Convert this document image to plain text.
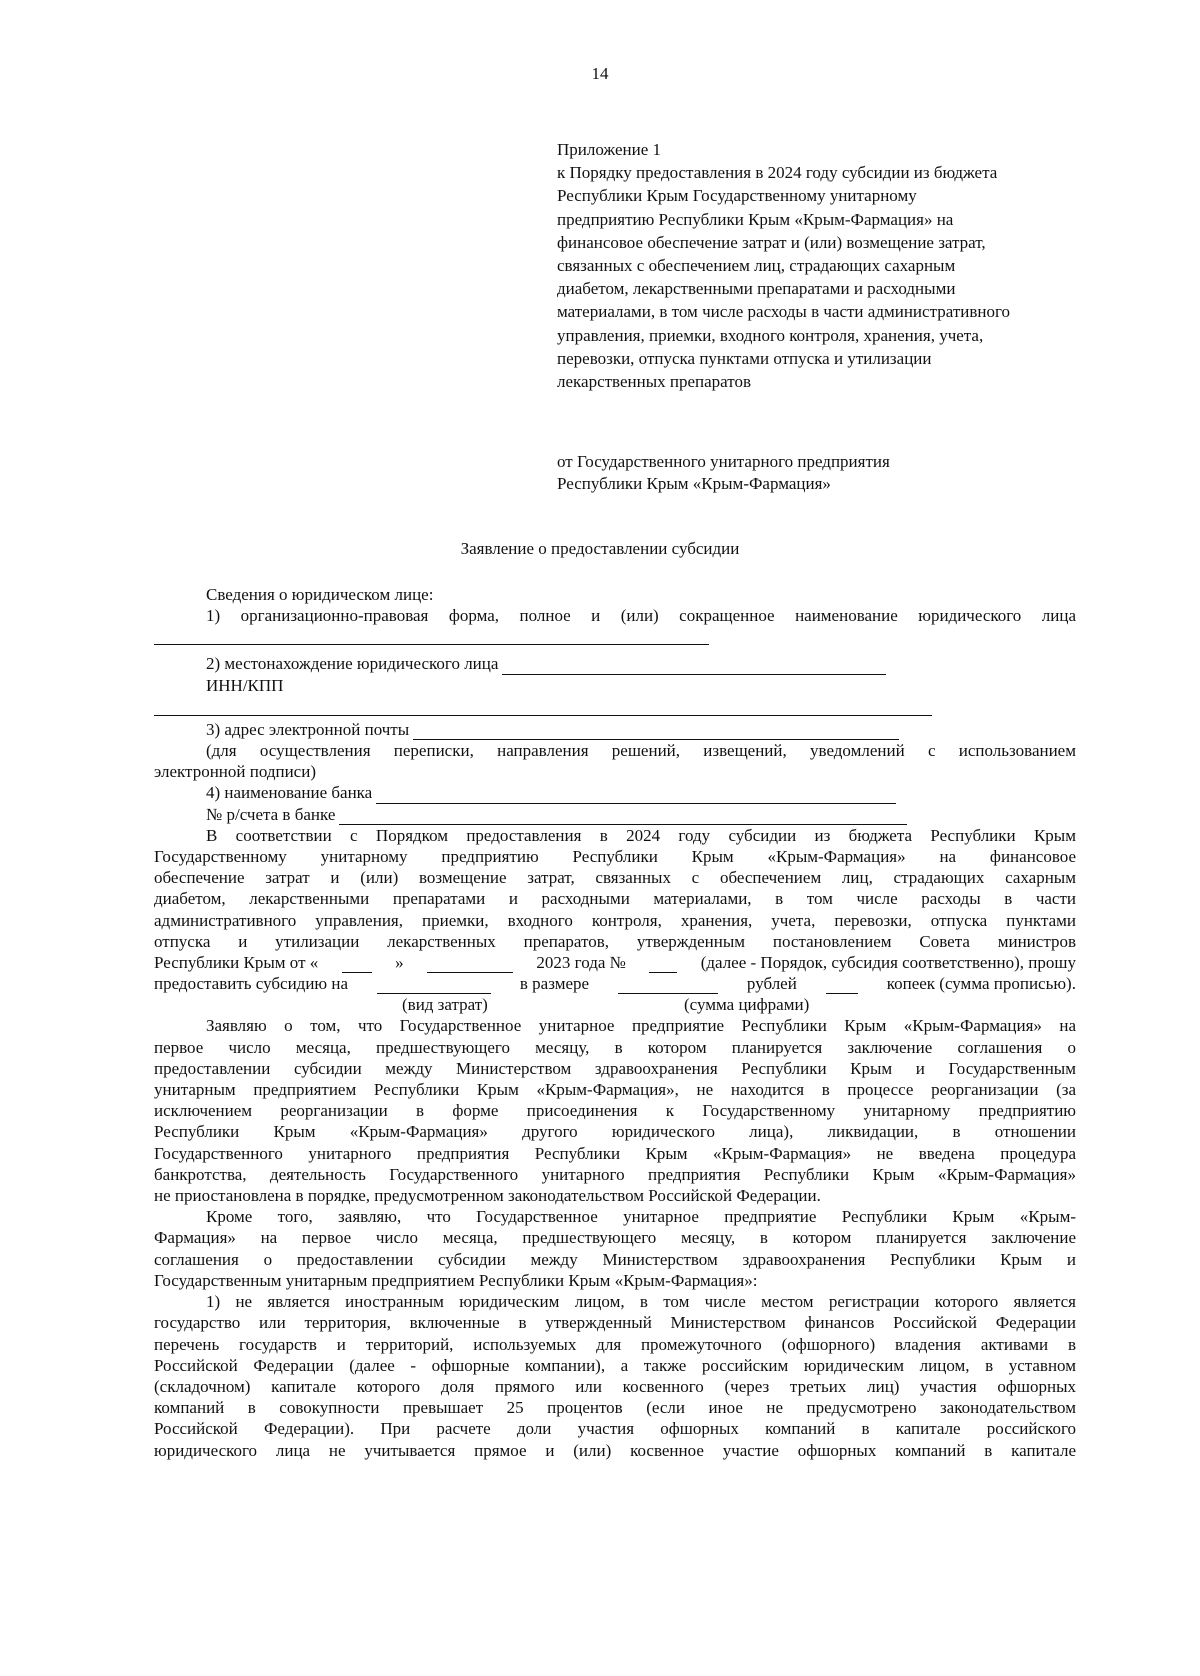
14
Приложение 1
к Порядку предоставления в 2024 году субсидии из бюджета
Республики Крым Государственному унитарному
предприятию Республики Крым «Крым-Фармация» на
финансовое обеспечение затрат и (или) возмещение затрат,
связанных с обеспечением лиц, страдающих сахарным
диабетом, лекарственными препаратами и расходными
материалами, в том числе расходы в части административного
управления, приемки, входного контроля, хранения, учета,
перевозки, отпуска пунктами отпуска и утилизации
лекарственных препаратов
от Государственного унитарного предприятия
Республики Крым «Крым-Фармация»
Заявление о предоставлении субсидии
Сведения о юридическом лице:

1) организационно-правовая форма, полное и (или) сокращенное наименование юридического лица

2) местонахождение юридического лица
ИНН/КПП
3) адрес электронной почты

(для осуществления переписки, направления решений, извещений, уведомлений с использованием

электронной подписи)
4) наименование банка
№ р/счета в банке

В соответствии с Порядком предоставления в 2024 году субсидии из бюджета Республики Крым

Государственному унитарному предприятию Республики Крым «Крым-Фармация» на финансовое

обеспечение затрат и (или) возмещение затрат, связанных с обеспечением лиц, страдающих сахарным

диабетом, лекарственными препаратами и расходными материалами, в том числе расходы в части

административного управления, приемки, входного контроля, хранения, учета, перевозки, отпуска пунктами

отпуска и утилизации лекарственных препаратов, утвержденным постановлением Совета министров

Республики Крым от «	»	2023 года №	(далее - Порядок, субсидия соответственно), прошу
предоставить субсидию на	в размере	рублей	копеек (сумма прописью).
(вид затрат)	(сумма цифрами)

Заявляю о том, что Государственное унитарное предприятие Республики Крым «Крым-Фармация» на

первое число месяца, предшествующего месяцу, в котором планируется заключение соглашения о

предоставлении субсидии между Министерством здравоохранения Республики Крым и Государственным

унитарным предприятием Республики Крым «Крым-Фармация», не находится в процессе реорганизации (за

исключением реорганизации в форме присоединения к Государственному унитарному предприятию

Республики Крым «Крым-Фармация» другого юридического лица), ликвидации, в отношении

Государственного унитарного предприятия Республики Крым «Крым-Фармация» не введена процедура

банкротства, деятельность Государственного унитарного предприятия Республики Крым «Крым-Фармация»

не приостановлена в порядке, предусмотренном законодательством Российской Федерации.

Кроме того, заявляю, что Государственное унитарное предприятие Республики Крым «Крым-

Фармация» на первое число месяца, предшествующего месяцу, в котором планируется заключение

соглашения о предоставлении субсидии между Министерством здравоохранения Республики Крым и

Государственным унитарным предприятием Республики Крым «Крым-Фармация»:

1) не является иностранным юридическим лицом, в том числе местом регистрации которого является

государство или территория, включенные в утвержденный Министерством финансов Российской Федерации

перечень государств и территорий, используемых для промежуточного (офшорного) владения активами в

Российской Федерации (далее - офшорные компании), а также российским юридическим лицом, в уставном

(складочном) капитале которого доля прямого или косвенного (через третьих лиц) участия офшорных

компаний в совокупности превышает 25 процентов (если иное не предусмотрено законодательством

Российской Федерации). При расчете доли участия офшорных компаний в капитале российского

юридического лица не учитывается прямое и (или) косвенное участие офшорных компаний в капитале
